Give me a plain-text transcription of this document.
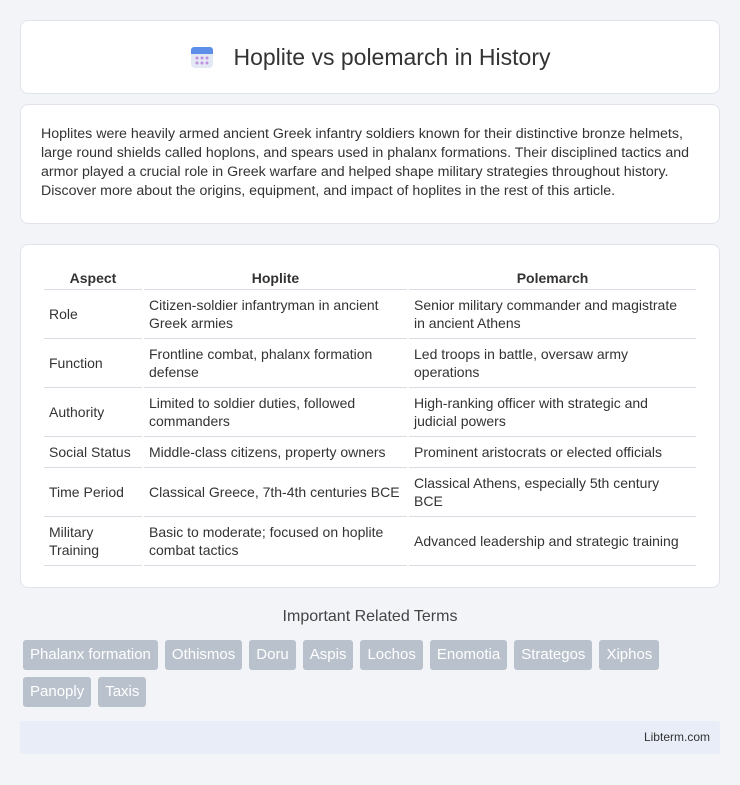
Hoplite vs polemarch in History

Hoplites were heavily armed ancient Greek infantry soldiers known for their distinctive bronze helmets, large round shields called hoplons, and spears used in phalanx formations. Their disciplined tactics and armor played a crucial role in Greek warfare and helped shape military strategies throughout history. Discover more about the origins, equipment, and impact of hoplites in the rest of this article.

Aspect	Hoplite	Polemarch
Role	Citizen-soldier infantryman in ancient Greek armies	Senior military commander and magistrate in ancient Athens
Function	Frontline combat, phalanx formation defense	Led troops in battle, oversaw army operations
Authority	Limited to soldier duties, followed commanders	High-ranking officer with strategic and judicial powers
Social Status	Middle-class citizens, property owners	Prominent aristocrats or elected officials
Time Period	Classical Greece, 7th-4th centuries BCE	Classical Athens, especially 5th century BCE
Military Training	Basic to moderate; focused on hoplite combat tactics	Advanced leadership and strategic training
Important Related Terms
Phalanx formation	Othismos	Doru	Aspis	Lochos	Enomotia	Strategos	Xiphos
Panoply	Taxis
Libterm.com
